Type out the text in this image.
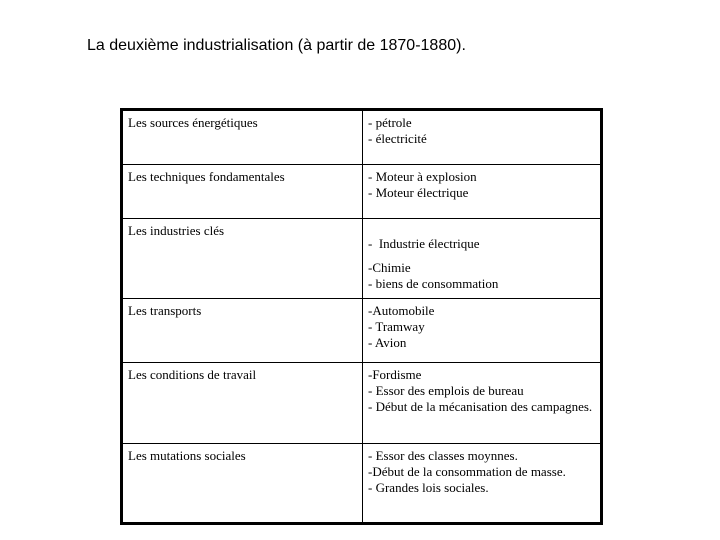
La deuxième industrialisation (à partir de 1870-1880).
Les sources énergétiques	- pétrole
- électricité

Les techniques fondamentales	- Moteur à explosion
- Moteur électrique

Les industries clés	-  Industrie électrique
-Chimie
- biens de consommation

Les transports	-Automobile
- Tramway
- Avion

Les conditions de travail	-Fordisme
- Essor des emplois de bureau
- Début de la mécanisation des campagnes.

Les mutations sociales	- Essor des classes moynnes.
-Début de la consommation de masse.
- Grandes lois sociales.
